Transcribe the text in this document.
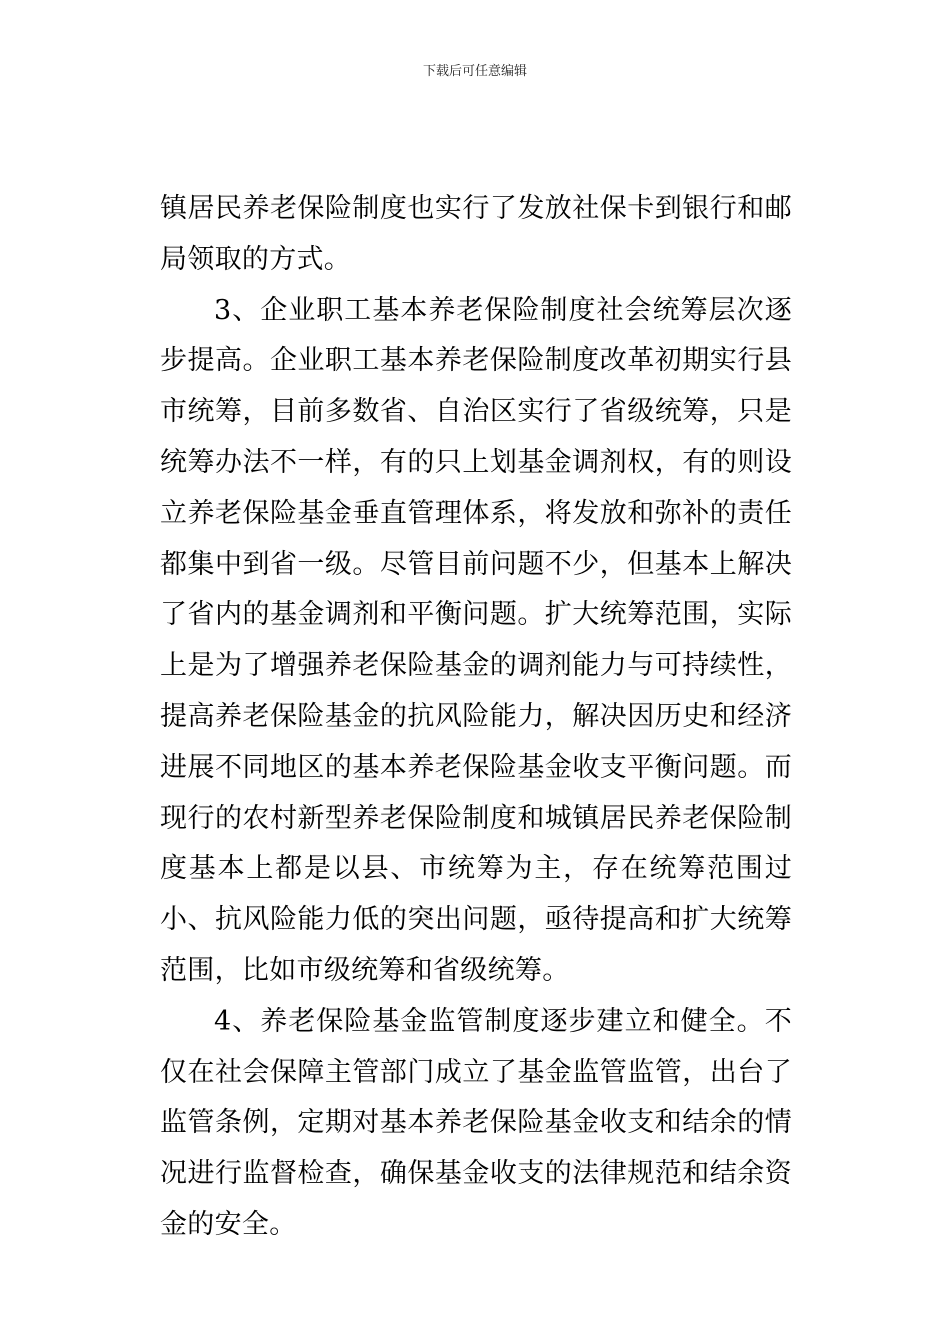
下载后可任意编辑

镇居民养老保险制度也实行了发放社保卡到银行和邮局领取的方式。

3、企业职工基本养老保险制度社会统筹层次逐步提高。企业职工基本养老保险制度改革初期实行县市统筹，目前多数省、自治区实行了省级统筹，只是统筹办法不一样，有的只上划基金调剂权，有的则设立养老保险基金垂直管理体系，将发放和弥补的责任都集中到省一级。尽管目前问题不少，但基本上解决了省内的基金调剂和平衡问题。扩大统筹范围，实际上是为了增强养老保险基金的调剂能力与可持续性，提高养老保险基金的抗风险能力，解决因历史和经济进展不同地区的基本养老保险基金收支平衡问题。而现行的农村新型养老保险制度和城镇居民养老保险制度基本上都是以县、市统筹为主，存在统筹范围过小、抗风险能力低的突出问题，亟待提高和扩大统筹范围，比如市级统筹和省级统筹。

4、养老保险基金监管制度逐步建立和健全。不仅在社会保障主管部门成立了基金监管监管，出台了监管条例，定期对基本养老保险基金收支和结余的情况进行监督检查，确保基金收支的法律规范和结余资金的安全。
